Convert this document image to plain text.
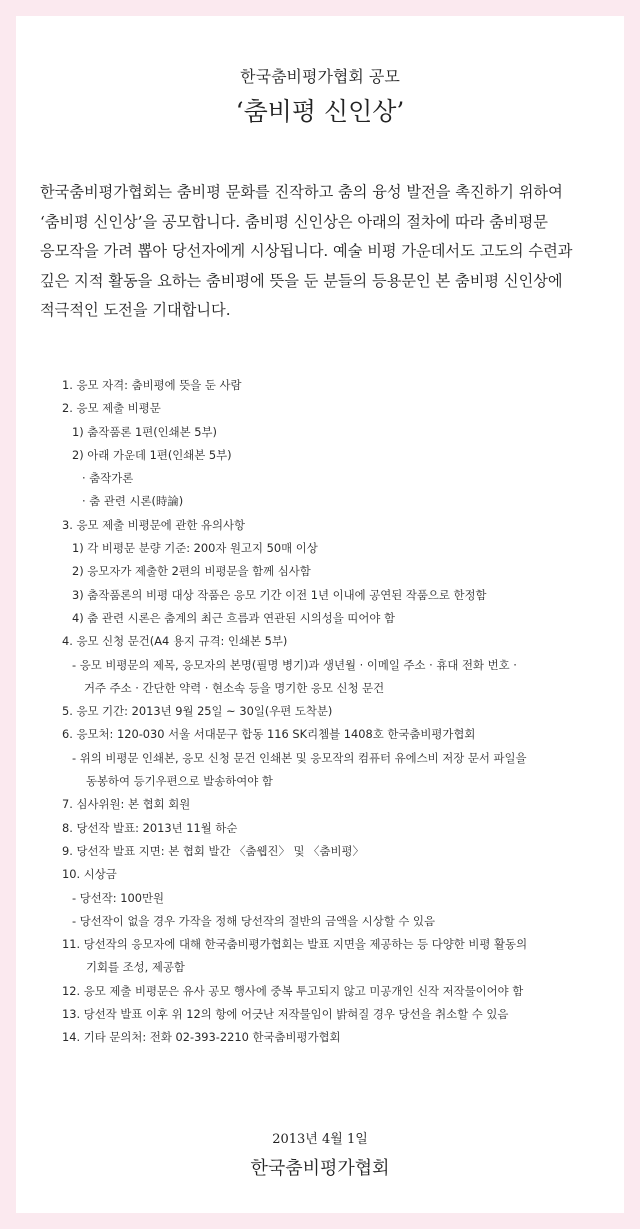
한국춤비평가협회 공모
‘춤비평 신인상’

한국춤비평가협회는 춤비평 문화를 진작하고 춤의 융성 발전을 촉진하기 위하여

‘춤비평 신인상’을 공모합니다. 춤비평 신인상은 아래의 절차에 따라 춤비평문

응모작을 가려 뽑아 당선자에게 시상됩니다. 예술 비평 가운데서도 고도의 수련과

깊은 지적 활동을 요하는 춤비평에 뜻을 둔 분들의 등용문인 본 춤비평 신인상에

적극적인 도전을 기대합니다.

1. 응모 자격: 춤비평에 뜻을 둔 사람
2. 응모 제출 비평문
1) 춤작품론 1편(인쇄본 5부)
2) 아래 가운데 1편(인쇄본 5부)
· 춤작가론
· 춤 관련 시론(時論)
3. 응모 제출 비평문에 관한 유의사항
1) 각 비평문 분량 기준: 200자 원고지 50매 이상
2) 응모자가 제출한 2편의 비평문을 함께 심사함
3) 춤작품론의 비평 대상 작품은 응모 기간 이전 1년 이내에 공연된 작품으로 한정함
4) 춤 관련 시론은 춤계의 최근 흐름과 연관된 시의성을 띠어야 함
4. 응모 신청 문건(A4 용지 규격: 인쇄본 5부)
- 응모 비평문의 제목, 응모자의 본명(필명 병기)과 생년월 · 이메일 주소 · 휴대 전화 번호 ·
거주 주소 · 간단한 약력 · 현소속 등을 명기한 응모 신청 문건
5. 응모 기간: 2013년 9월 25일 ~ 30일(우편 도착분)
6. 응모처: 120-030 서울 서대문구 합동 116 SK리쳄블 1408호 한국춤비평가협회
- 위의 비평문 인쇄본, 응모 신청 문건 인쇄본 및 응모작의 컴퓨터 유에스비 저장 문서 파일을
동봉하여 등기우편으로 발송하여야 함
7. 심사위원: 본 협회 회원
8. 당선작 발표: 2013년 11월 하순
9. 당선작 발표 지면: 본 협회 발간 〈춤웹진〉 및 〈춤비평〉
10. 시상금
- 당선작: 100만원
- 당선작이 없을 경우 가작을 정해 당선작의 절반의 금액을 시상할 수 있음
11. 당선작의 응모자에 대해 한국춤비평가협회는 발표 지면을 제공하는 등 다양한 비평 활동의
기회를 조성, 제공함
12. 응모 제출 비평문은 유사 공모 행사에 중복 투고되지 않고 미공개인 신작 저작물이어야 함
13. 당선작 발표 이후 위 12의 항에 어긋난 저작물임이 밝혀질 경우 당선을 취소할 수 있음
14. 기타 문의처: 전화 02-393-2210 한국춤비평가협회
2013년 4월 1일
한국춤비평가협회
